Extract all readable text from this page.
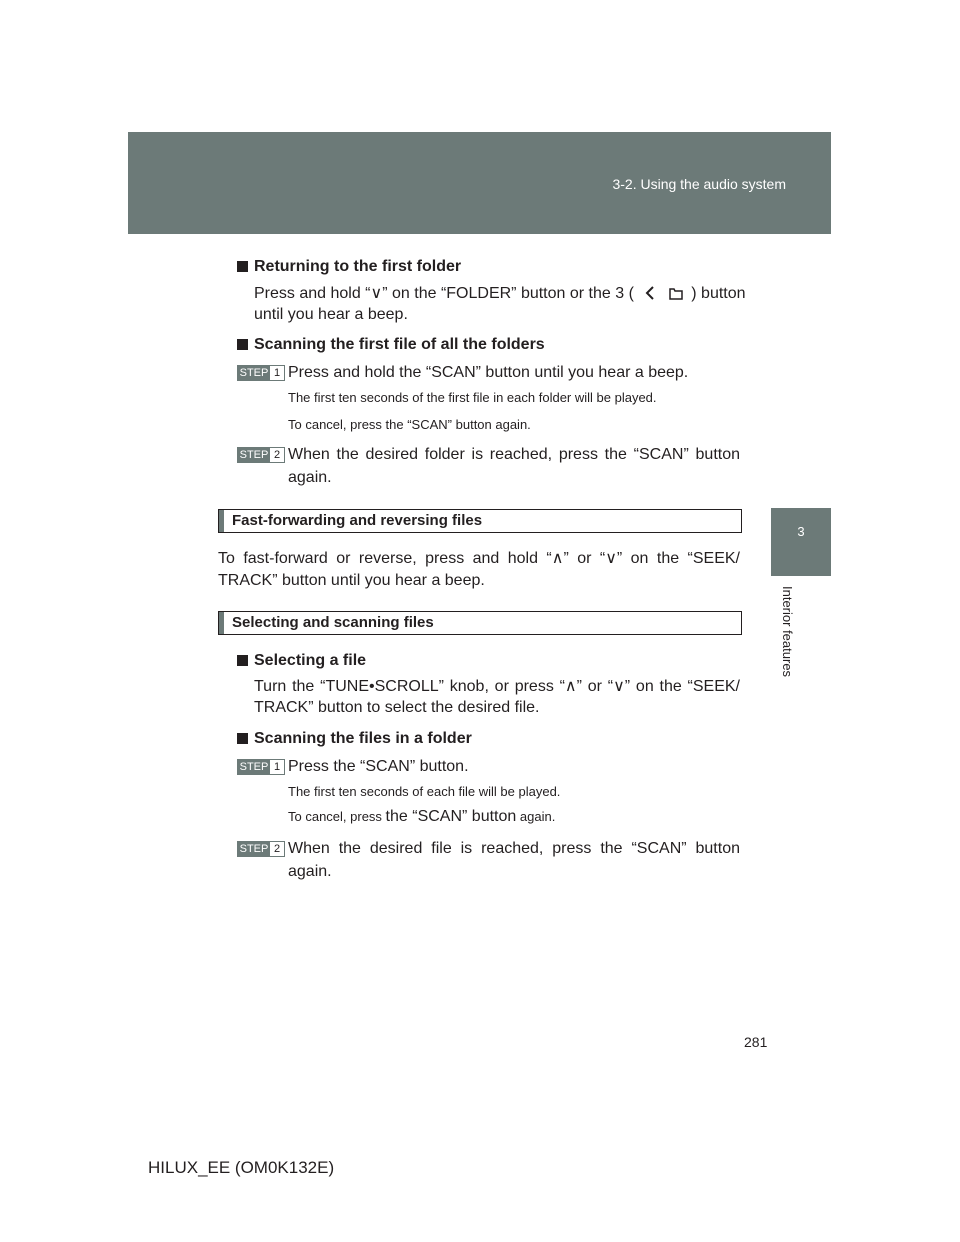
3-2. Using the audio system
3
Interior features
Returning to the first folder
Press and hold “∨” on the “FOLDER” button or the 3 (	) button
until you hear a beep.
Scanning the first file of all the folders
STEP 1 Press and hold the “SCAN” button until you hear a beep.
The first ten seconds of the first file in each folder will be played.
To cancel, press the “SCAN” button again.
STEP 2 When the desired folder is reached, press the “SCAN” button
again.
Fast-forwarding and reversing files
To fast-forward or reverse, press and hold “∧” or “∨” on the “SEEK/
TRACK” button until you hear a beep.
Selecting and scanning files
Selecting a file
Turn the “TUNE•SCROLL” knob, or press “∧” or “∨” on the “SEEK/
TRACK” button to select the desired file.
Scanning the files in a folder
STEP 1 Press the “SCAN” button.
The first ten seconds of each file will be played.
To cancel, press the “SCAN” button again.
STEP 2 When the desired file is reached, press the “SCAN” button
again.
281
HILUX_EE (OM0K132E)
